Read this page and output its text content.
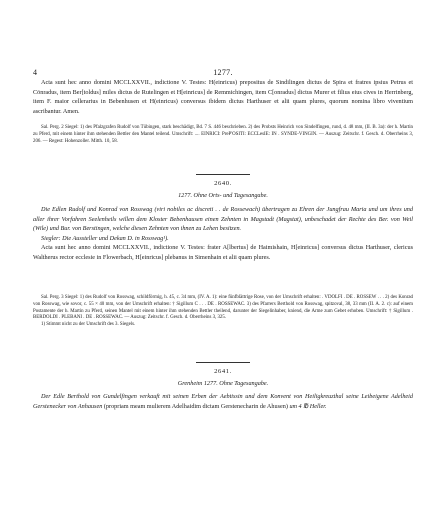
4	1277.

Acta sunt hec anno domini MCCLXXVII., indictione V. Testes: H(einricus) prepositus de Sindilingen dictus de Spira et fratres ipsius Petrus et Cōnradus, item Ber[toldus] miles dictus de Rutelingen et H[einricus] de Remmichingen, item C[onradus] dictus Murer et filius eius cives in Herrinberg, item F. maior cellerarius in Bebenhusen et H(einricus) conversus ibidem dictus Harthuser et alii quam plures, quorum nomina libro viventium ascribantur. Amen.

Sal. Perg. 2 Siegel: 1) des Pfalzgrafen Rudolf von Tübingen, stark beschädigt, Bd. 7 S. 446 beschrieben. 2) des Probsts Heinrich von Sindelfingen, rund, d. 48 mm, (II. B. 3a): der h. Martin zu Pferd, mit einem hinter ihm stehenden Bettler den Mantel teilend. Umschrift: .... EINRICI: PreP'OSITI: ECCLesIE: IN . SYNDE-VINGIN. — Auszug: Zeitschr. f. Gesch. d. Oberrheins 3, 206. — Regest: Hohenzoller. Mitth. 10, 58.

2640.
1277. Ohne Orts- und Tagesangabe.

Die Edlen Rudolf und Konrad von Rosswag (viri nobiles ac discreti . . de Rossewach) übertragen zu Ehren der Jungfrau Maria und um ihres und aller ihrer Vorfahren Seelenheils willen dem Kloster Bebenhausen einen Zehnten in Magstadt (Magstat), unbeschadet der Rechte des Ber. von Weil (Wile) und Bur. von Berstingen, welche diesen Zehnten von ihnen zu Lehen besitzen.

Siegler: Die Aussteller und Dekan D. in Rosswag¹).

Acta sunt hec anno domini MCCLXXVII., indictione V. Testes: frater A[lbertus] de Haimishain, H[einricus] conversus dictus Harthuser, clericus Waltherus rector ecclesie in Flowerbach, H[einricus] plebanus in Simenhain et alii quam plures.

Sal. Perg. 3 Siegel: 1) des Rudolf von Rosswag, schildförmig, h. 45, c. 34 mm, (IV. A. 1): eine fünfblättrige Rose, von der Umschrift erhalten: . VDOLFI . DE . ROSSEW . . . 2) des Konrad von Rosswag, wie sovor, c. 55 × 40 mm, von der Umschrift erhalten: † Sigillum C . . . DE . ROSSEWAC. 3) des Pfarrers Berthold von Rosswag, spitzoval, 38, 33 mm (II. A. 2. c): auf einem Postamente der h. Martin zu Pferd, seinen Mantel mit einem hinter ihm stehenden Bettler theilend, darunter der Siegelinhaber, kniend, die Arme zum Gebet erhoben. Umschrift: † Sigillum . BERDOLDI . PLEBANI . DE . ROSSEWAC. — Auszug: Zeitschr. f. Gesch. d. Oberrheins 3, 325.

1) Stimmt nicht zu der Umschrift des 3. Siegels.

2641.
Grenheim 1277. Ohne Tagesangabe.

Der Edle Berthold von Gundelfingen verkauft mit seinen Erben der Aebtissin und dem Konvent von Heiligkreuzthal seine Leibeigene Adelheid Gerstenecker von Anhausen (propriam meam mulierem Adelhaidim dictam Gerstenecharin de Ahusen) um 4 ℔ Heller.
